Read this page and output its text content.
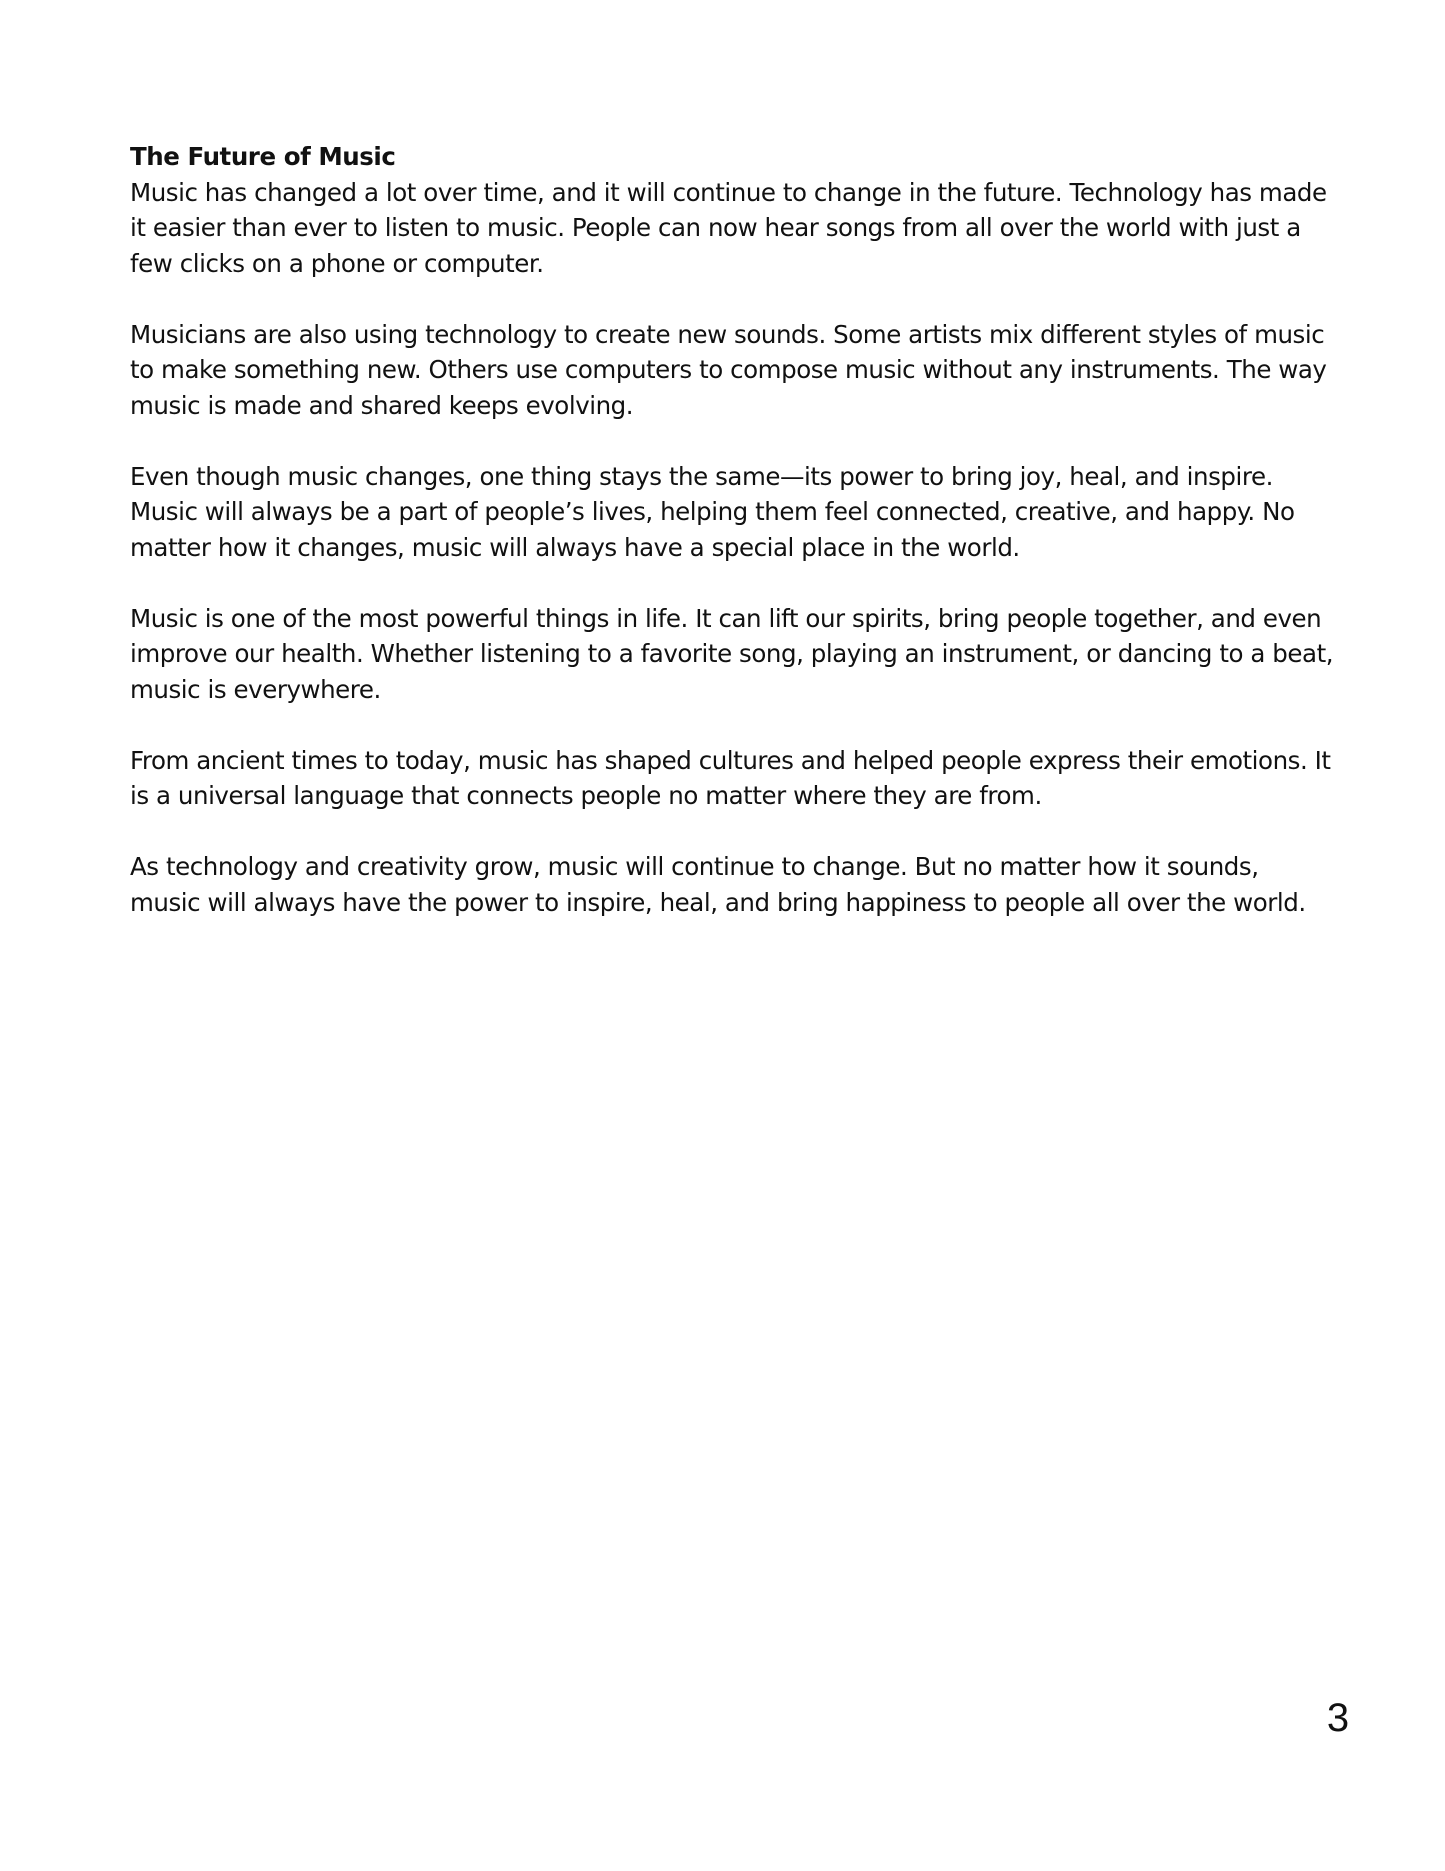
The Future of Music

Music has changed a lot over time, and it will continue to change in the future. Technology has made it easier than ever to listen to music. People can now hear songs from all over the world with just a few clicks on a phone or computer.

Musicians are also using technology to create new sounds. Some artists mix different styles of music to make something new. Others use computers to compose music without any instruments. The way music is made and shared keeps evolving.

Even though music changes, one thing stays the same—its power to bring joy, heal, and inspire. Music will always be a part of people’s lives, helping them feel connected, creative, and happy. No matter how it changes, music will always have a special place in the world.

Music is one of the most powerful things in life. It can lift our spirits, bring people together, and even improve our health. Whether listening to a favorite song, playing an instrument, or dancing to a beat, music is everywhere.

From ancient times to today, music has shaped cultures and helped people express their emotions. It is a universal language that connects people no matter where they are from.

As technology and creativity grow, music will continue to change. But no matter how it sounds, music will always have the power to inspire, heal, and bring happiness to people all over the world.

3
